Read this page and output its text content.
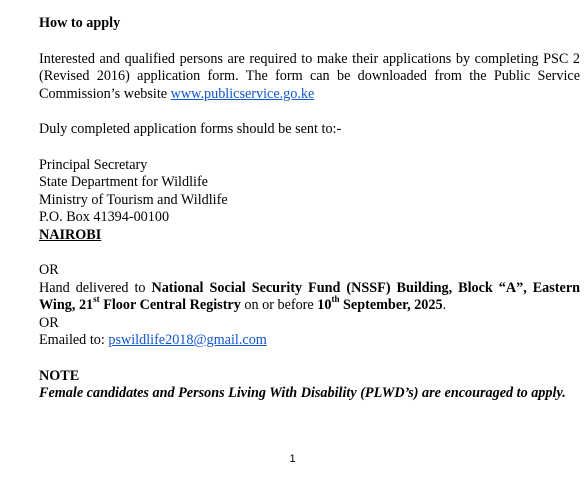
How to apply

Interested and qualified persons are required to make their applications by completing PSC 2 (Revised 2016) application form. The form can be downloaded from the Public Service Commission’s website www.publicservice.go.ke

Duly completed application forms should be sent to:-

Principal Secretary

State Department for Wildlife

Ministry of Tourism and Wildlife

P.O. Box 41394-00100

NAIROBI

OR

Hand delivered to National Social Security Fund (NSSF) Building, Block “A”, Eastern Wing, 21st Floor Central Registry on or before 10th September, 2025.

OR

Emailed to: pswildlife2018@gmail.com

NOTE

Female candidates and Persons Living With Disability (PLWD’s) are encouraged to apply.

1
